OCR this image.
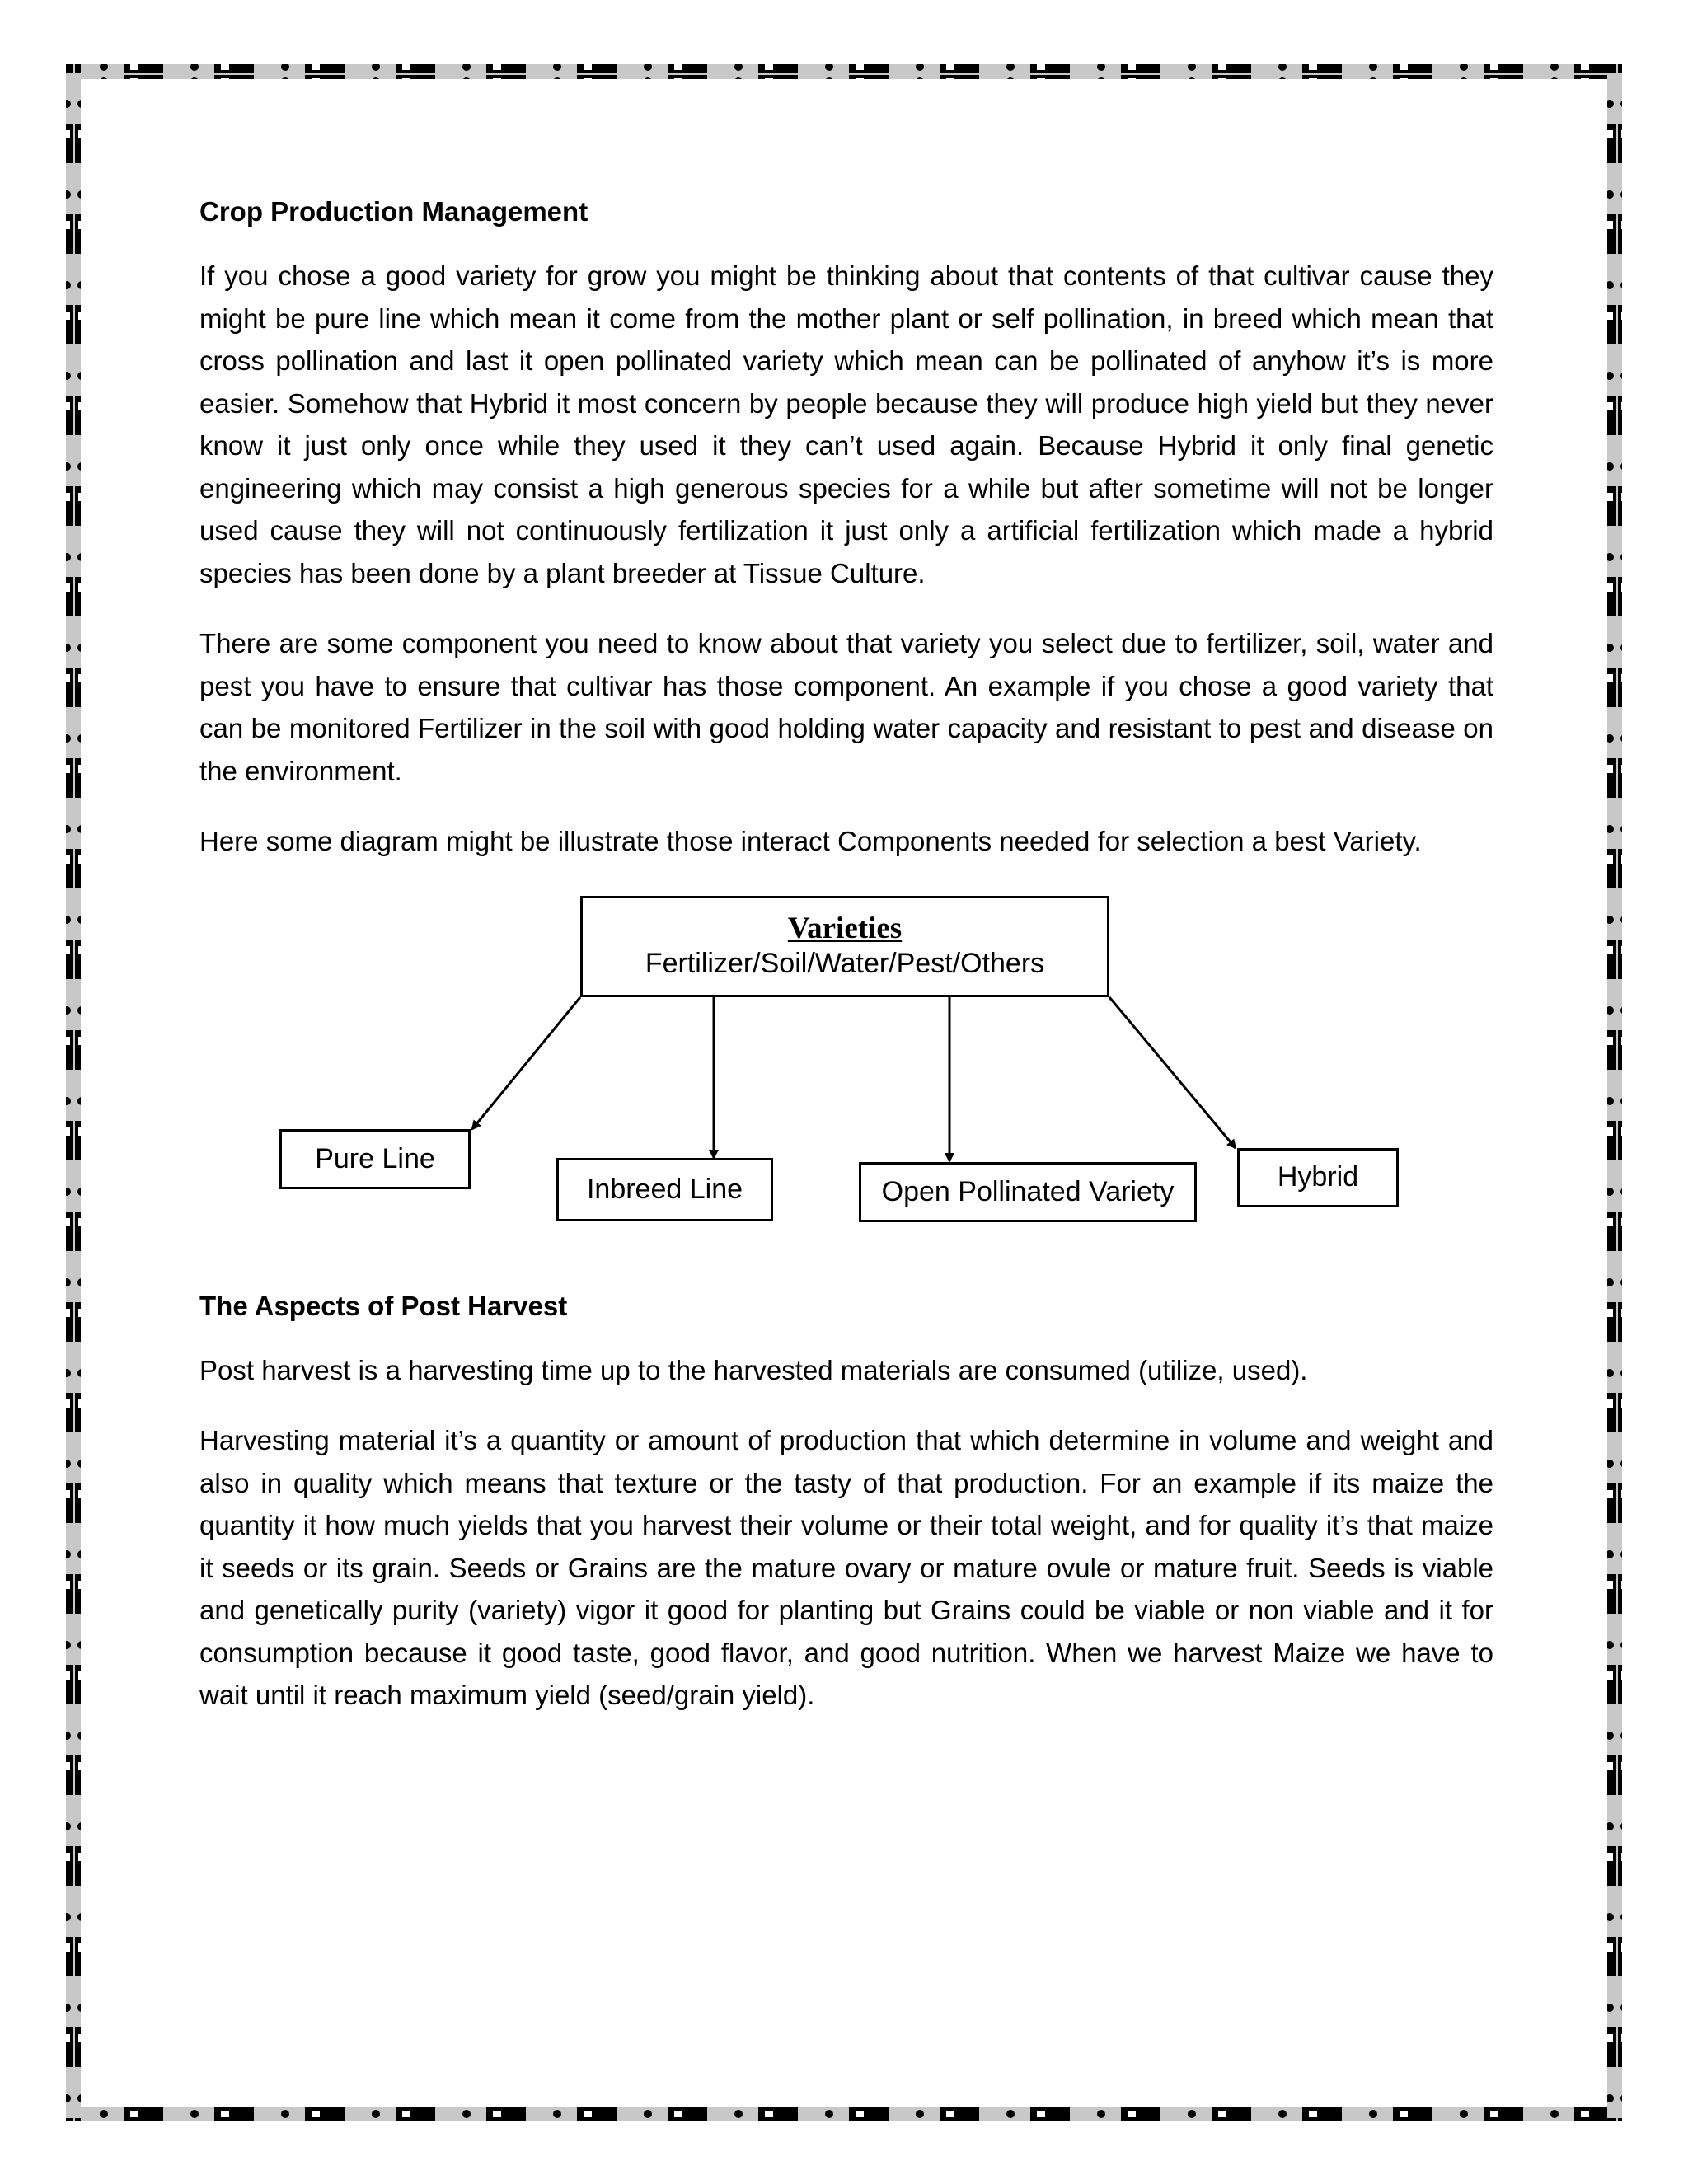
Crop Production Management

If you chose a good variety for grow you might be thinking about that contents of that cultivar cause they might be pure line which mean it come from the mother plant or self pollination, in breed which mean that cross pollination and last it open pollinated variety which mean can be pollinated of anyhow it’s is more easier. Somehow that Hybrid it most concern by people because they will produce high yield but they never know it just only once while they used it they can’t used again. Because Hybrid it only final genetic engineering which may consist a high generous species for a while but after sometime will not be longer used cause they will not continuously fertilization it just only a artificial fertilization which made a hybrid species has been done by a plant breeder at Tissue Culture.

There are some component you need to know about that variety you select due to fertilizer, soil, water and pest you have to ensure that cultivar has those component. An example if you chose a good variety that can be monitored Fertilizer in the soil with good holding water capacity and resistant to pest and disease on the environment.

Here some diagram might be illustrate those interact Components needed for selection a best Variety.

Varieties
Fertilizer/Soil/Water/Pest/Others
Pure Line
Inbreed Line	Open Pollinated Variety	Hybrid
The Aspects of Post Harvest

Post harvest is a harvesting time up to the harvested materials are consumed (utilize, used).

Harvesting material it’s a quantity or amount of production that which determine in volume and weight and also in quality which means that texture or the tasty of that production. For an example if its maize the quantity it how much yields that you harvest their volume or their total weight, and for quality it’s that maize it seeds or its grain. Seeds or Grains are the mature ovary or mature ovule or mature fruit. Seeds is viable and genetically purity (variety) vigor it good for planting but Grains could be viable or non viable and it for consumption because it good taste, good flavor, and good nutrition. When we harvest Maize we have to wait until it reach maximum yield (seed/grain yield).
